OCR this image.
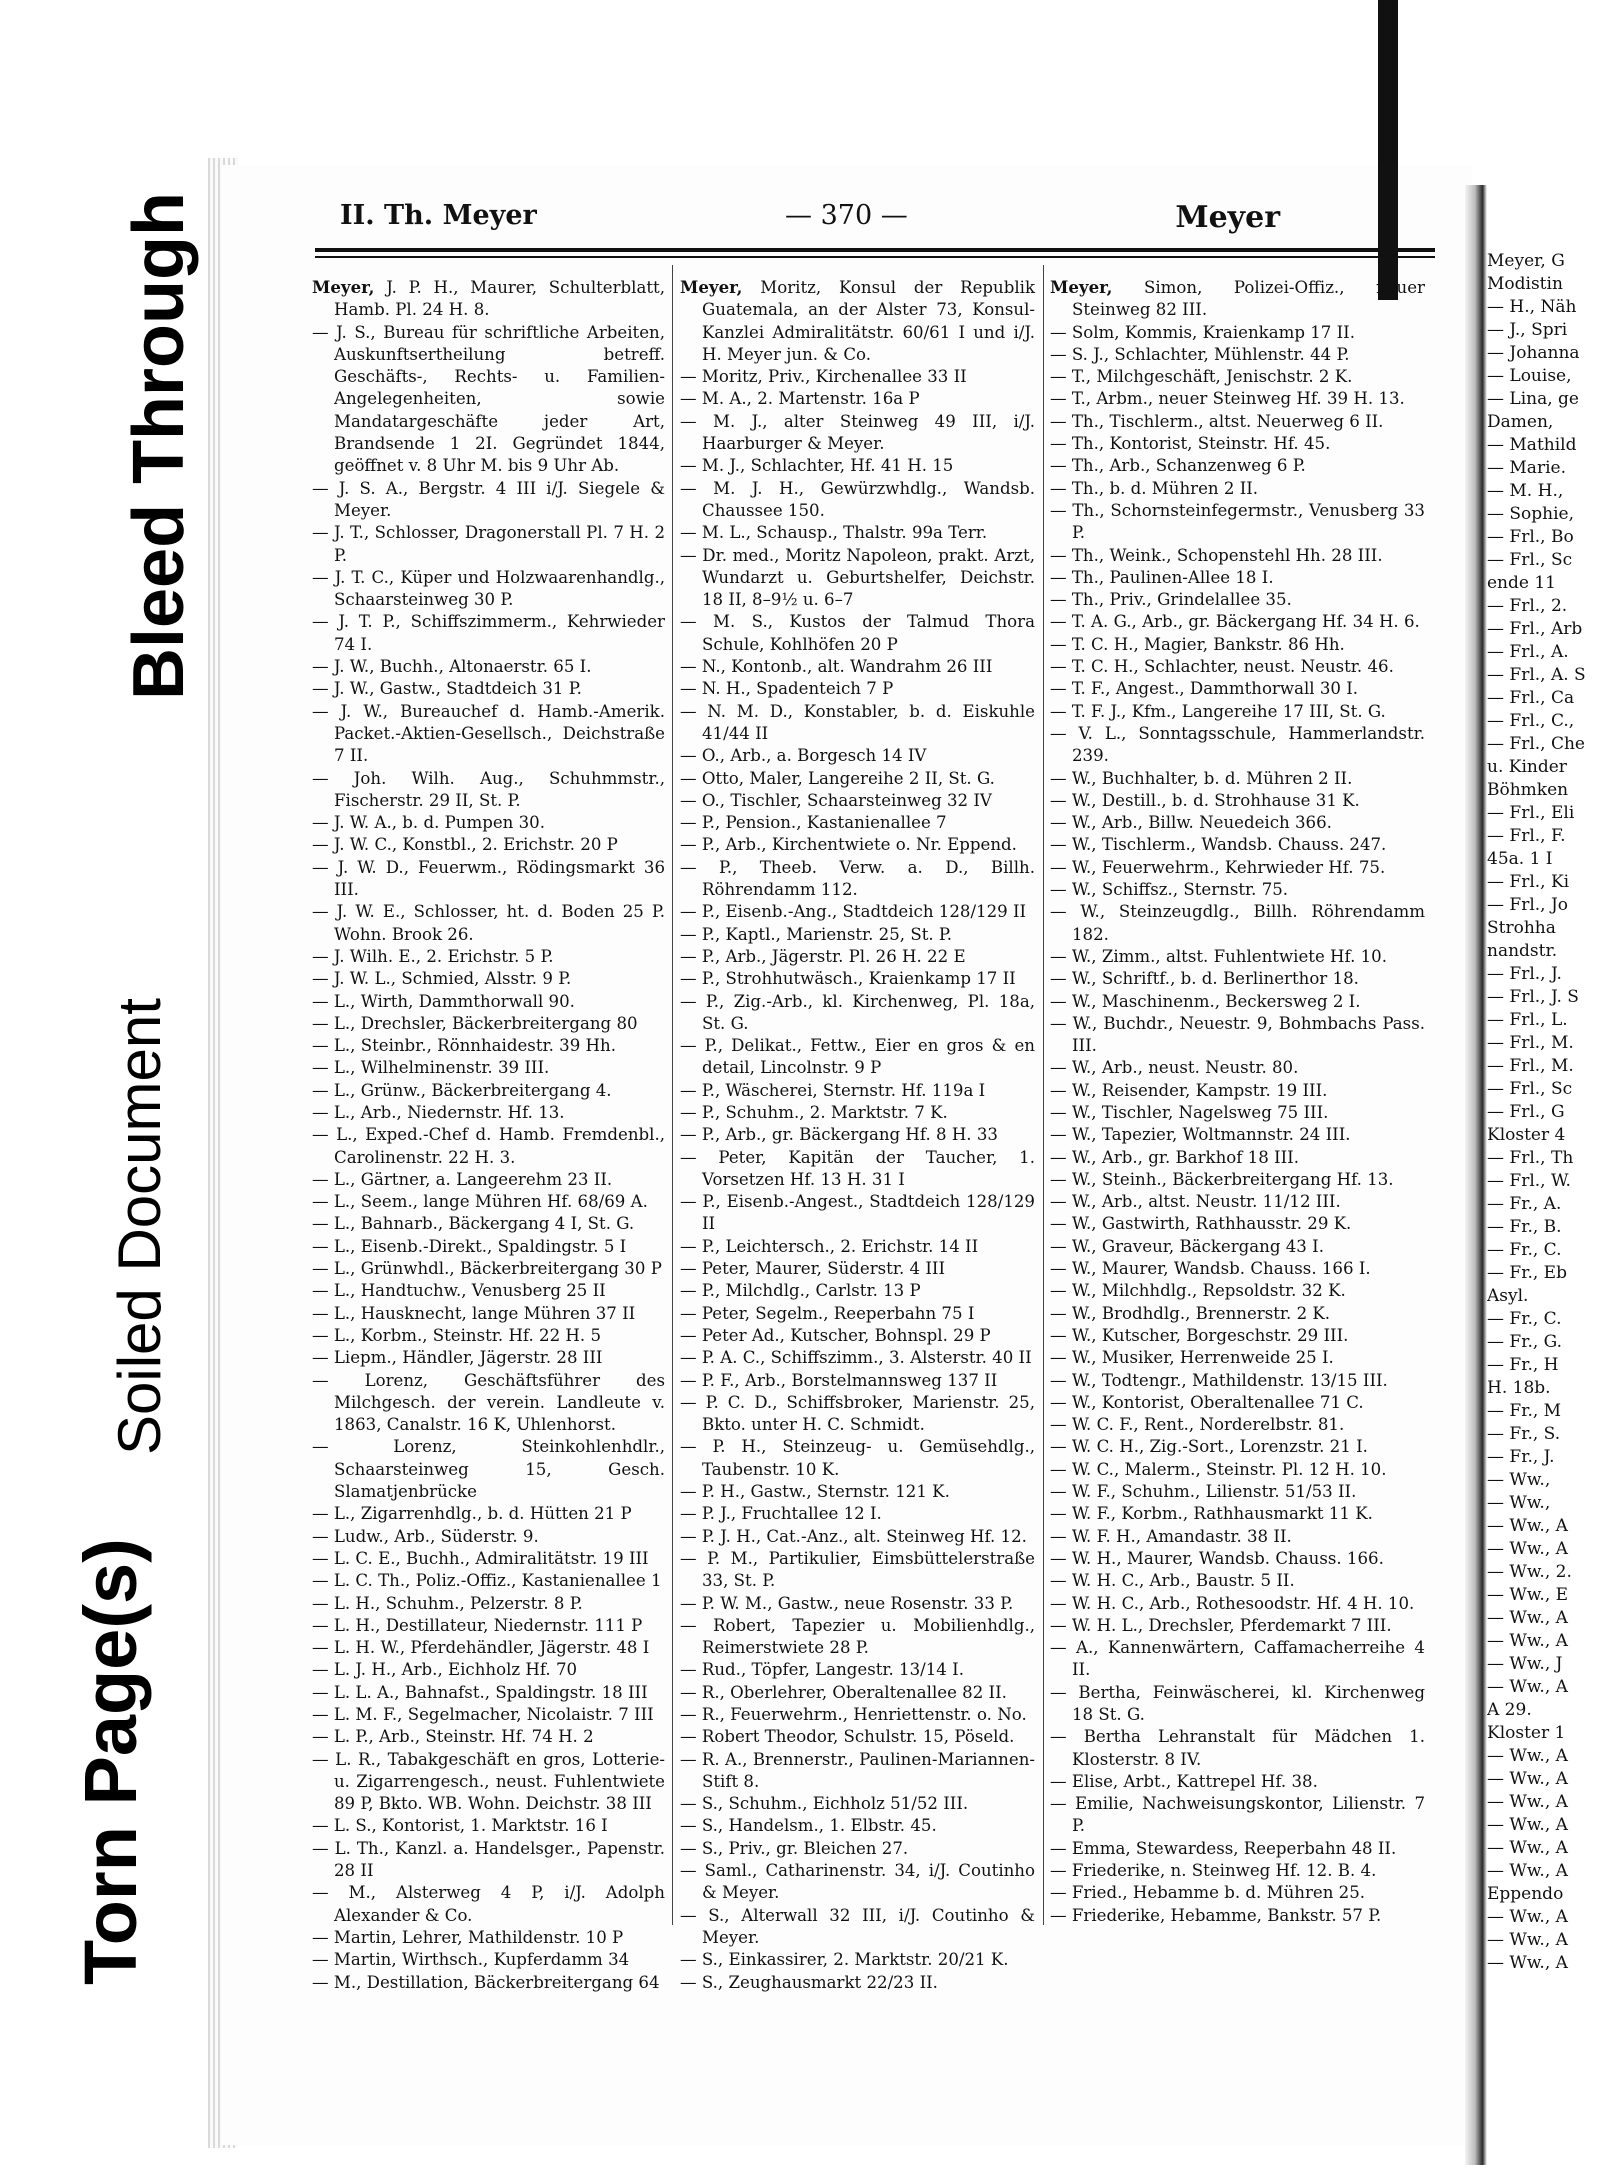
Bleed Through
Soiled Document
Torn Page(s)
II. Th. Meyer	— 370 —	Meyer

Meyer, J. P. H., Maurer, Schulterblatt, Hamb. Pl. 24 H. 8.

— J. S., Bureau für schriftliche Arbeiten, Auskunftsertheilung betreff. Geschäfts-, Rechts- u. Familien-Angelegenheiten, sowie Mandatargeschäfte jeder Art, Brandsende 1 2I. Gegründet 1844, geöffnet v. 8 Uhr M. bis 9 Uhr Ab.

— J. S. A., Bergstr. 4 III i/J. Siegele & Meyer.

— J. T., Schlosser, Dragonerstall Pl. 7 H. 2 P.

— J. T. C., Küper und Holzwaarenhandlg., Schaarsteinweg 30 P.

— J. T. P., Schiffszimmerm., Kehrwieder 74 I.

— J. W., Buchh., Altonaerstr. 65 I.

— J. W., Gastw., Stadtdeich 31 P.

— J. W., Bureauchef d. Hamb.-Amerik. Packet.-Aktien-Gesellsch., Deichstraße 7 II.

— Joh. Wilh. Aug., Schuhmmstr., Fischerstr. 29 II, St. P.

— J. W. A., b. d. Pumpen 30.

— J. W. C., Konstbl., 2. Erichstr. 20 P

— J. W. D., Feuerwm., Rödingsmarkt 36 III.

— J. W. E., Schlosser, ht. d. Boden 25 P. Wohn. Brook 26.

— J. Wilh. E., 2. Erichstr. 5 P.

— J. W. L., Schmied, Alsstr. 9 P.

— L., Wirth, Dammthorwall 90.

— L., Drechsler, Bäckerbreitergang 80

— L., Steinbr., Rönnhaidestr. 39 Hh.

— L., Wilhelminenstr. 39 III.

— L., Grünw., Bäckerbreitergang 4.

— L., Arb., Niedernstr. Hf. 13.

— L., Exped.-Chef d. Hamb. Fremdenbl., Carolinenstr. 22 H. 3.

— L., Gärtner, a. Langeerehm 23 II.

— L., Seem., lange Mühren Hf. 68/69 A.

— L., Bahnarb., Bäckergang 4 I, St. G.

— L., Eisenb.-Direkt., Spaldingstr. 5 I

— L., Grünwhdl., Bäckerbreitergang 30 P

— L., Handtuchw., Venusberg 25 II

— L., Hausknecht, lange Mühren 37 II

— L., Korbm., Steinstr. Hf. 22 H. 5

— Liepm., Händler, Jägerstr. 28 III

— Lorenz, Geschäftsführer des Milchgesch. der verein. Landleute v. 1863, Canalstr. 16 K, Uhlenhorst.

— Lorenz, Steinkohlenhdlr., Schaarsteinweg 15, Gesch. Slamatjenbrücke

— L., Zigarrenhdlg., b. d. Hütten 21 P

— Ludw., Arb., Süderstr. 9.

— L. C. E., Buchh., Admiralitätstr. 19 III

— L. C. Th., Poliz.-Offiz., Kastanienallee 1

— L. H., Schuhm., Pelzerstr. 8 P.

— L. H., Destillateur, Niedernstr. 111 P

— L. H. W., Pferdehändler, Jägerstr. 48 I

— L. J. H., Arb., Eichholz Hf. 70

— L. L. A., Bahnafst., Spaldingstr. 18 III

— L. M. F., Segelmacher, Nicolaistr. 7 III

— L. P., Arb., Steinstr. Hf. 74 H. 2

— L. R., Tabakgeschäft en gros, Lotterie- u. Zigarrengesch., neust. Fuhlentwiete 89 P, Bkto. WB. Wohn. Deichstr. 38 III

— L. S., Kontorist, 1. Marktstr. 16 I

— L. Th., Kanzl. a. Handelsger., Papenstr. 28 II

— M., Alsterweg 4 P, i/J. Adolph Alexander & Co.

— Martin, Lehrer, Mathildenstr. 10 P

— Martin, Wirthsch., Kupferdamm 34

— M., Destillation, Bäckerbreitergang 64

Meyer, Moritz, Konsul der Republik Guatemala, an der Alster 73, Konsul-Kanzlei Admiralitätstr. 60/61 I und i/J. H. Meyer jun. & Co.

— Moritz, Priv., Kirchenallee 33 II

— M. A., 2. Martenstr. 16a P

— M. J., alter Steinweg 49 III, i/J. Haarburger & Meyer.

— M. J., Schlachter, Hf. 41 H. 15

— M. J. H., Gewürzwhdlg., Wandsb. Chaussee 150.

— M. L., Schausp., Thalstr. 99a Terr.

— Dr. med., Moritz Napoleon, prakt. Arzt, Wundarzt u. Geburtshelfer, Deichstr. 18 II, 8–9½ u. 6–7

— M. S., Kustos der Talmud Thora Schule, Kohlhöfen 20 P

— N., Kontonb., alt. Wandrahm 26 III

— N. H., Spadenteich 7 P

— N. M. D., Konstabler, b. d. Eiskuhle 41/44 II

— O., Arb., a. Borgesch 14 IV

— Otto, Maler, Langereihe 2 II, St. G.

— O., Tischler, Schaarsteinweg 32 IV

— P., Pension., Kastanienallee 7

— P., Arb., Kirchentwiete o. Nr. Eppend.

— P., Theeb. Verw. a. D., Billh. Röhrendamm 112.

— P., Eisenb.-Ang., Stadtdeich 128/129 II

— P., Kaptl., Marienstr. 25, St. P.

— P., Arb., Jägerstr. Pl. 26 H. 22 E

— P., Strohhutwäsch., Kraienkamp 17 II

— P., Zig.-Arb., kl. Kirchenweg, Pl. 18a, St. G.

— P., Delikat., Fettw., Eier en gros & en detail, Lincolnstr. 9 P

— P., Wäscherei, Sternstr. Hf. 119a I

— P., Schuhm., 2. Marktstr. 7 K.

— P., Arb., gr. Bäckergang Hf. 8 H. 33

— Peter, Kapitän der Taucher, 1. Vorsetzen Hf. 13 H. 31 I

— P., Eisenb.-Angest., Stadtdeich 128/129 II

— P., Leichtersch., 2. Erichstr. 14 II

— Peter, Maurer, Süderstr. 4 III

— P., Milchdlg., Carlstr. 13 P

— Peter, Segelm., Reeperbahn 75 I

— Peter Ad., Kutscher, Bohnspl. 29 P

— P. A. C., Schiffszimm., 3. Alsterstr. 40 II

— P. F., Arb., Borstelmannsweg 137 II

— P. C. D., Schiffsbroker, Marienstr. 25, Bkto. unter H. C. Schmidt.

— P. H., Steinzeug- u. Gemüsehdlg., Taubenstr. 10 K.

— P. H., Gastw., Sternstr. 121 K.

— P. J., Fruchtallee 12 I.

— P. J. H., Cat.-Anz., alt. Steinweg Hf. 12.

— P. M., Partikulier, Eimsbüttelerstraße 33, St. P.

— P. W. M., Gastw., neue Rosenstr. 33 P.

— Robert, Tapezier u. Mobilienhdlg., Reimerstwiete 28 P.

— Rud., Töpfer, Langestr. 13/14 I.

— R., Oberlehrer, Oberaltenallee 82 II.

— R., Feuerwehrm., Henriettenstr. o. No.

— Robert Theodor, Schulstr. 15, Pöseld.

— R. A., Brennerstr., Paulinen-Mariannen-Stift 8.

— S., Schuhm., Eichholz 51/52 III.

— S., Handelsm., 1. Elbstr. 45.

— S., Priv., gr. Bleichen 27.

— Saml., Catharinenstr. 34, i/J. Coutinho & Meyer.

— S., Alterwall 32 III, i/J. Coutinho & Meyer.

— S., Einkassirer, 2. Marktstr. 20/21 K.

— S., Zeughausmarkt 22/23 II.

Meyer, Simon, Polizei-Offiz., neuer Steinweg 82 III.

— Solm, Kommis, Kraienkamp 17 II.

— S. J., Schlachter, Mühlenstr. 44 P.

— T., Milchgeschäft, Jenischstr. 2 K.

— T., Arbm., neuer Steinweg Hf. 39 H. 13.

— Th., Tischlerm., altst. Neuerweg 6 II.

— Th., Kontorist, Steinstr. Hf. 45.

— Th., Arb., Schanzenweg 6 P.

— Th., b. d. Mühren 2 II.

— Th., Schornsteinfegermstr., Venusberg 33 P.

— Th., Weink., Schopenstehl Hh. 28 III.

— Th., Paulinen-Allee 18 I.

— Th., Priv., Grindelallee 35.

— T. A. G., Arb., gr. Bäckergang Hf. 34 H. 6.

— T. C. H., Magier, Bankstr. 86 Hh.

— T. C. H., Schlachter, neust. Neustr. 46.

— T. F., Angest., Dammthorwall 30 I.

— T. F. J., Kfm., Langereihe 17 III, St. G.

— V. L., Sonntagsschule, Hammerlandstr. 239.

— W., Buchhalter, b. d. Mühren 2 II.

— W., Destill., b. d. Strohhause 31 K.

— W., Arb., Billw. Neuedeich 366.

— W., Tischlerm., Wandsb. Chauss. 247.

— W., Feuerwehrm., Kehrwieder Hf. 75.

— W., Schiffsz., Sternstr. 75.

— W., Steinzeugdlg., Billh. Röhrendamm 182.

— W., Zimm., altst. Fuhlentwiete Hf. 10.

— W., Schriftf., b. d. Berlinerthor 18.

— W., Maschinenm., Beckersweg 2 I.

— W., Buchdr., Neuestr. 9, Bohmbachs Pass. III.

— W., Arb., neust. Neustr. 80.

— W., Reisender, Kampstr. 19 III.

— W., Tischler, Nagelsweg 75 III.

— W., Tapezier, Woltmannstr. 24 III.

— W., Arb., gr. Barkhof 18 III.

— W., Steinh., Bäckerbreitergang Hf. 13.

— W., Arb., altst. Neustr. 11/12 III.

— W., Gastwirth, Rathhausstr. 29 K.

— W., Graveur, Bäckergang 43 I.

— W., Maurer, Wandsb. Chauss. 166 I.

— W., Milchhdlg., Repsoldstr. 32 K.

— W., Brodhdlg., Brennerstr. 2 K.

— W., Kutscher, Borgeschstr. 29 III.

— W., Musiker, Herrenweide 25 I.

— W., Todtengr., Mathildenstr. 13/15 III.

— W., Kontorist, Oberaltenallee 71 C.

— W. C. F., Rent., Norderelbstr. 81.

— W. C. H., Zig.-Sort., Lorenzstr. 21 I.

— W. C., Malerm., Steinstr. Pl. 12 H. 10.

— W. F., Schuhm., Lilienstr. 51/53 II.

— W. F., Korbm., Rathhausmarkt 11 K.

— W. F. H., Amandastr. 38 II.

— W. H., Maurer, Wandsb. Chauss. 166.

— W. H. C., Arb., Baustr. 5 II.

— W. H. C., Arb., Rothesoodstr. Hf. 4 H. 10.

— W. H. L., Drechsler, Pferdemarkt 7 III.

— A., Kannenwärtern, Caffamacherreihe 4 II.

— Bertha, Feinwäscherei, kl. Kirchenweg 18 St. G.

— Bertha Lehranstalt für Mädchen 1. Klosterstr. 8 IV.

— Elise, Arbt., Kattrepel Hf. 38.

— Emilie, Nachweisungskontor, Lilienstr. 7 P.

— Emma, Stewardess, Reeperbahn 48 II.

— Friederike, n. Steinweg Hf. 12. B. 4.

— Fried., Hebamme b. d. Mühren 25.

— Friederike, Hebamme, Bankstr. 57 P.

Meyer, G
Modistin
— H., Näh
— J., Spri
— Johanna
— Louise,
— Lina, ge
Damen,
— Mathild
— Marie.
— M. H.,
— Sophie,
— Frl., Bo
— Frl., Sc
ende 11
— Frl., 2.
— Frl., Arb
— Frl., A.
— Frl., A. S
— Frl., Ca
— Frl., C.,
— Frl., Che
u. Kinder
Böhmken
— Frl., Eli
— Frl., F.
45a. 1 I
— Frl., Ki
— Frl., Jo
Strohha
nandstr.
— Frl., J.
— Frl., J. S
— Frl., L.
— Frl., M.
— Frl., M.
— Frl., Sc
— Frl., G
Kloster 4
— Frl., Th
— Frl., W.
— Fr., A.
— Fr., B.
— Fr., C.
— Fr., Eb
Asyl.
— Fr., C.
— Fr., G.
— Fr., H
H. 18b.
— Fr., M
— Fr., S.
— Fr., J.
— Ww.,
— Ww.,
— Ww., A
— Ww., A
— Ww., 2.
— Ww., E
— Ww., A
— Ww., A
— Ww., J
— Ww., A
A 29.
Kloster 1
— Ww., A
— Ww., A
— Ww., A
— Ww., A
— Ww., A
— Ww., A
Eppendo
— Ww., A
— Ww., A
— Ww., A
